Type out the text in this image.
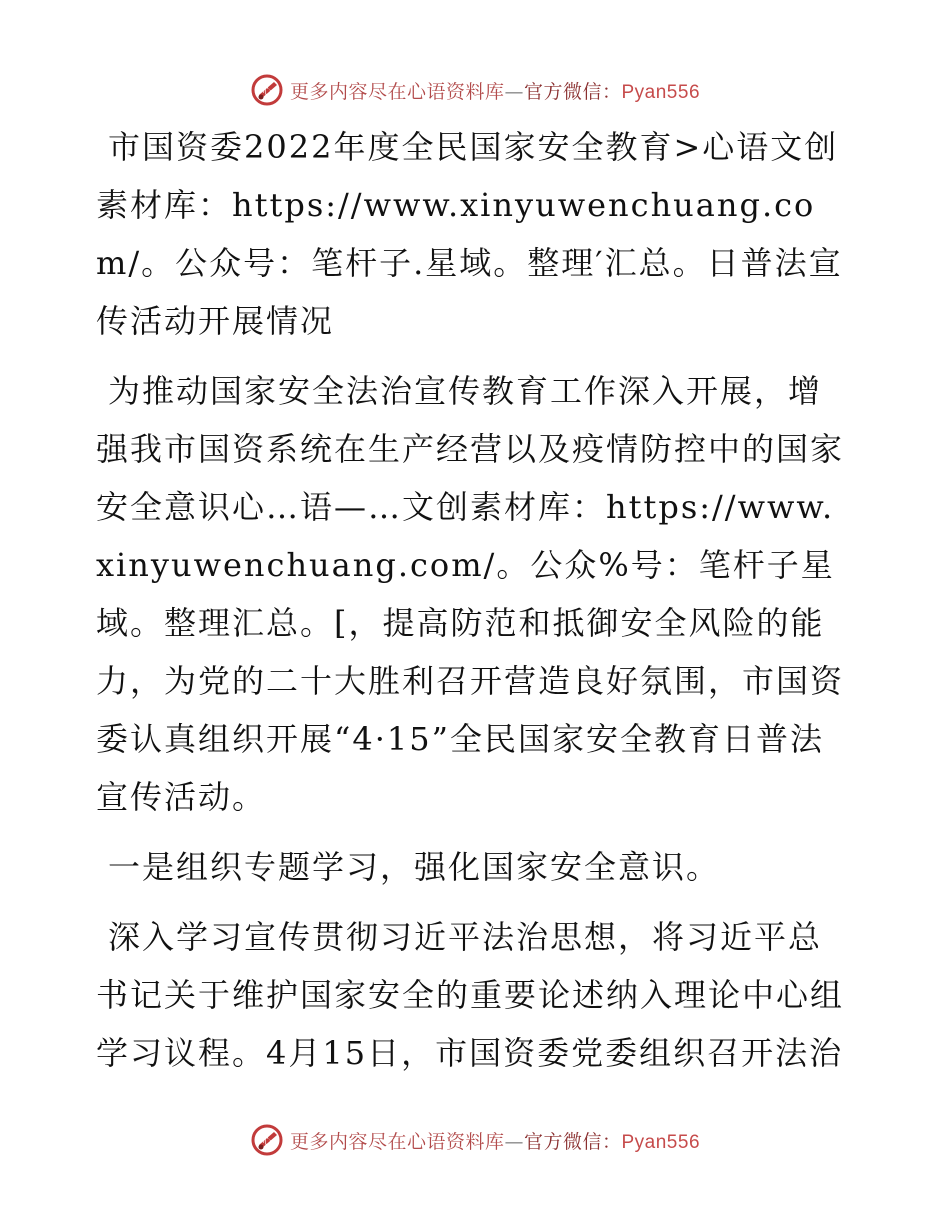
心 更多内容尽在心语资料库—官方微信：Pyan556

市国资委2022年度全民国家安全教育>心语文创素材库：https://www.xinyuwenchuang.com/。公众号：笔杆子.星域。整理′汇总。日普法宣传活动开展情况

为推动国家安全法治宣传教育工作深入开展，增强我市国资系统在生产经营以及疫情防控中的国家安全意识心…语—…文创素材库：https://www.xinyuwenchuang.com/。公众%号：笔杆子星域。整理汇总。[，提高防范和抵御安全风险的能力，为党的二十大胜利召开营造良好氛围，市国资委认真组织开展“4·15”全民国家安全教育日普法宣传活动。

一是组织专题学习，强化国家安全意识。

深入学习宣传贯彻习近平法治思想，将习近平总书记关于维护国家安全的重要论述纳入理论中心组学习议程。4月15日，市国资委党委组织召开法治

心 更多内容尽在心语资料库—官方微信：Pyan556
